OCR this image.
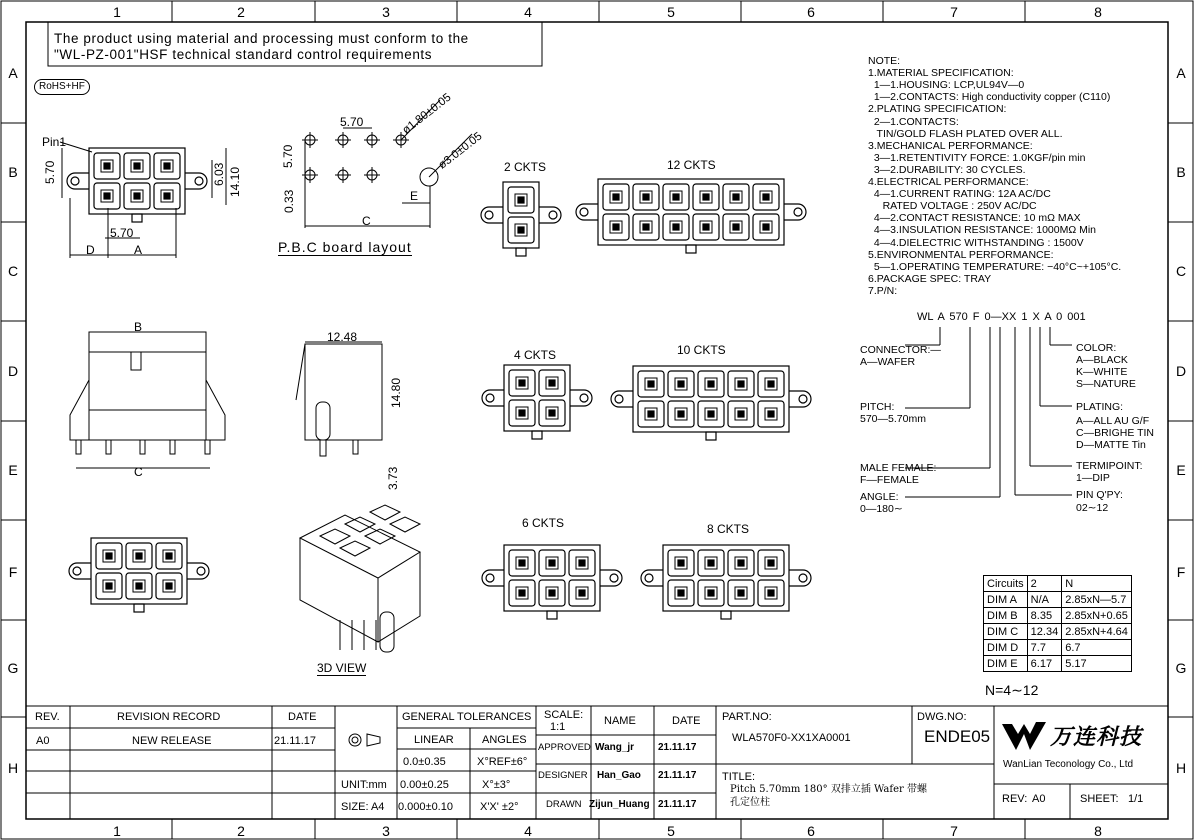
1
1
2
2
3
3
4
4
5
5
6
6
7
7
8
8
A	A
B	B
C	C
D	D
E	E
F	F
G	G
H	H
The product using material and processing must conform to the
"WL-PZ-001"HSF technical standard control requirements
RoHS+HF
Pin1
5.70	6.03 14.10
5.70
D	A
5.70
5.70
0.33
ø1.80±0.05
ø3.0±0.05
C
E
P.B.C board layout
B
C
12.48
14.80
3.73
3D VIEW
2 CKTS	12 CKTS
4 CKTS	10 CKTS
6 CKTS	8 CKTS
NOTE:
1.MATERIAL SPECIFICATION:
1—1.HOUSING: LCP,UL94V—0
1—2.CONTACTS: High conductivity copper (C110)
2.PLATING SPECIFICATION:
2—1.CONTACTS:
TIN/GOLD FLASH PLATED OVER ALL.
3.MECHANICAL PERFORMANCE:
3—1.RETENTIVITY FORCE: 1.0KGF/pin min
3—2.DURABILITY: 30 CYCLES.
4.ELECTRICAL PERFORMANCE:
4—1.CURRENT RATING: 12A AC/DC
RATED VOLTAGE : 250V AC/DC
4—2.CONTACT RESISTANCE: 10 mΩ MAX
4—3.INSULATION RESISTANCE: 1000MΩ Min
4—4.DIELECTRIC WITHSTANDING : 1500V
5.ENVIRONMENTAL PERFORMANCE:
5—1.OPERATING TEMPERATURE: −40°C~+105°C.
6.PACKAGE SPEC: TRAY
7.P/N:
WL A 570 F 0—XX 1 X A 0 001
CONNECTOR:—
A—WAFER
PITCH:
570—5.70mm
MALE FEMALE:
F—FEMALE
ANGLE:
0—180∼
COLOR:
A—BLACK
K—WHITE
S—NATURE
PLATING:
A—ALL AU G/F
C—BRIGHE TIN
D—MATTE Tin
TERMIPOINT:
1—DIP
PIN Q'PY:
02∼12
Circuits	2	N
DIM A	N/A	2.85xN—5.7
DIM B	8.35	2.85xN+0.65
DIM C	12.34	2.85xN+4.64
DIM D	7.7	6.7
DIM E	6.17	5.17
N=4∼12
REV.	REVISION RECORD	DATE
A0	NEW RELEASE	21.11.17
GENERAL TOLERANCES
LINEAR	ANGLES
0.0±0.35	X°REF±6°
UNIT:mm 0.00±0.25	X°±3°
SIZE: A4 0.000±0.10 X'X' ±2°
SCALE:
1:1	NAME	DATE
APPROVED Wang_jr 21.11.17
DESIGNER Han_Gao 21.11.17
DRAWN Zijun_Huang 21.11.17
PART.NO:
WLA570F0-XX1XA0001
DWG.NO:
ENDE05
TITLE:
Pitch 5.70mm 180° 双排立插 Wafer 带螺
孔定位柱
万连科技
WanLian Teconology Co., Ltd
REV: A0	SHEET: 1/1
